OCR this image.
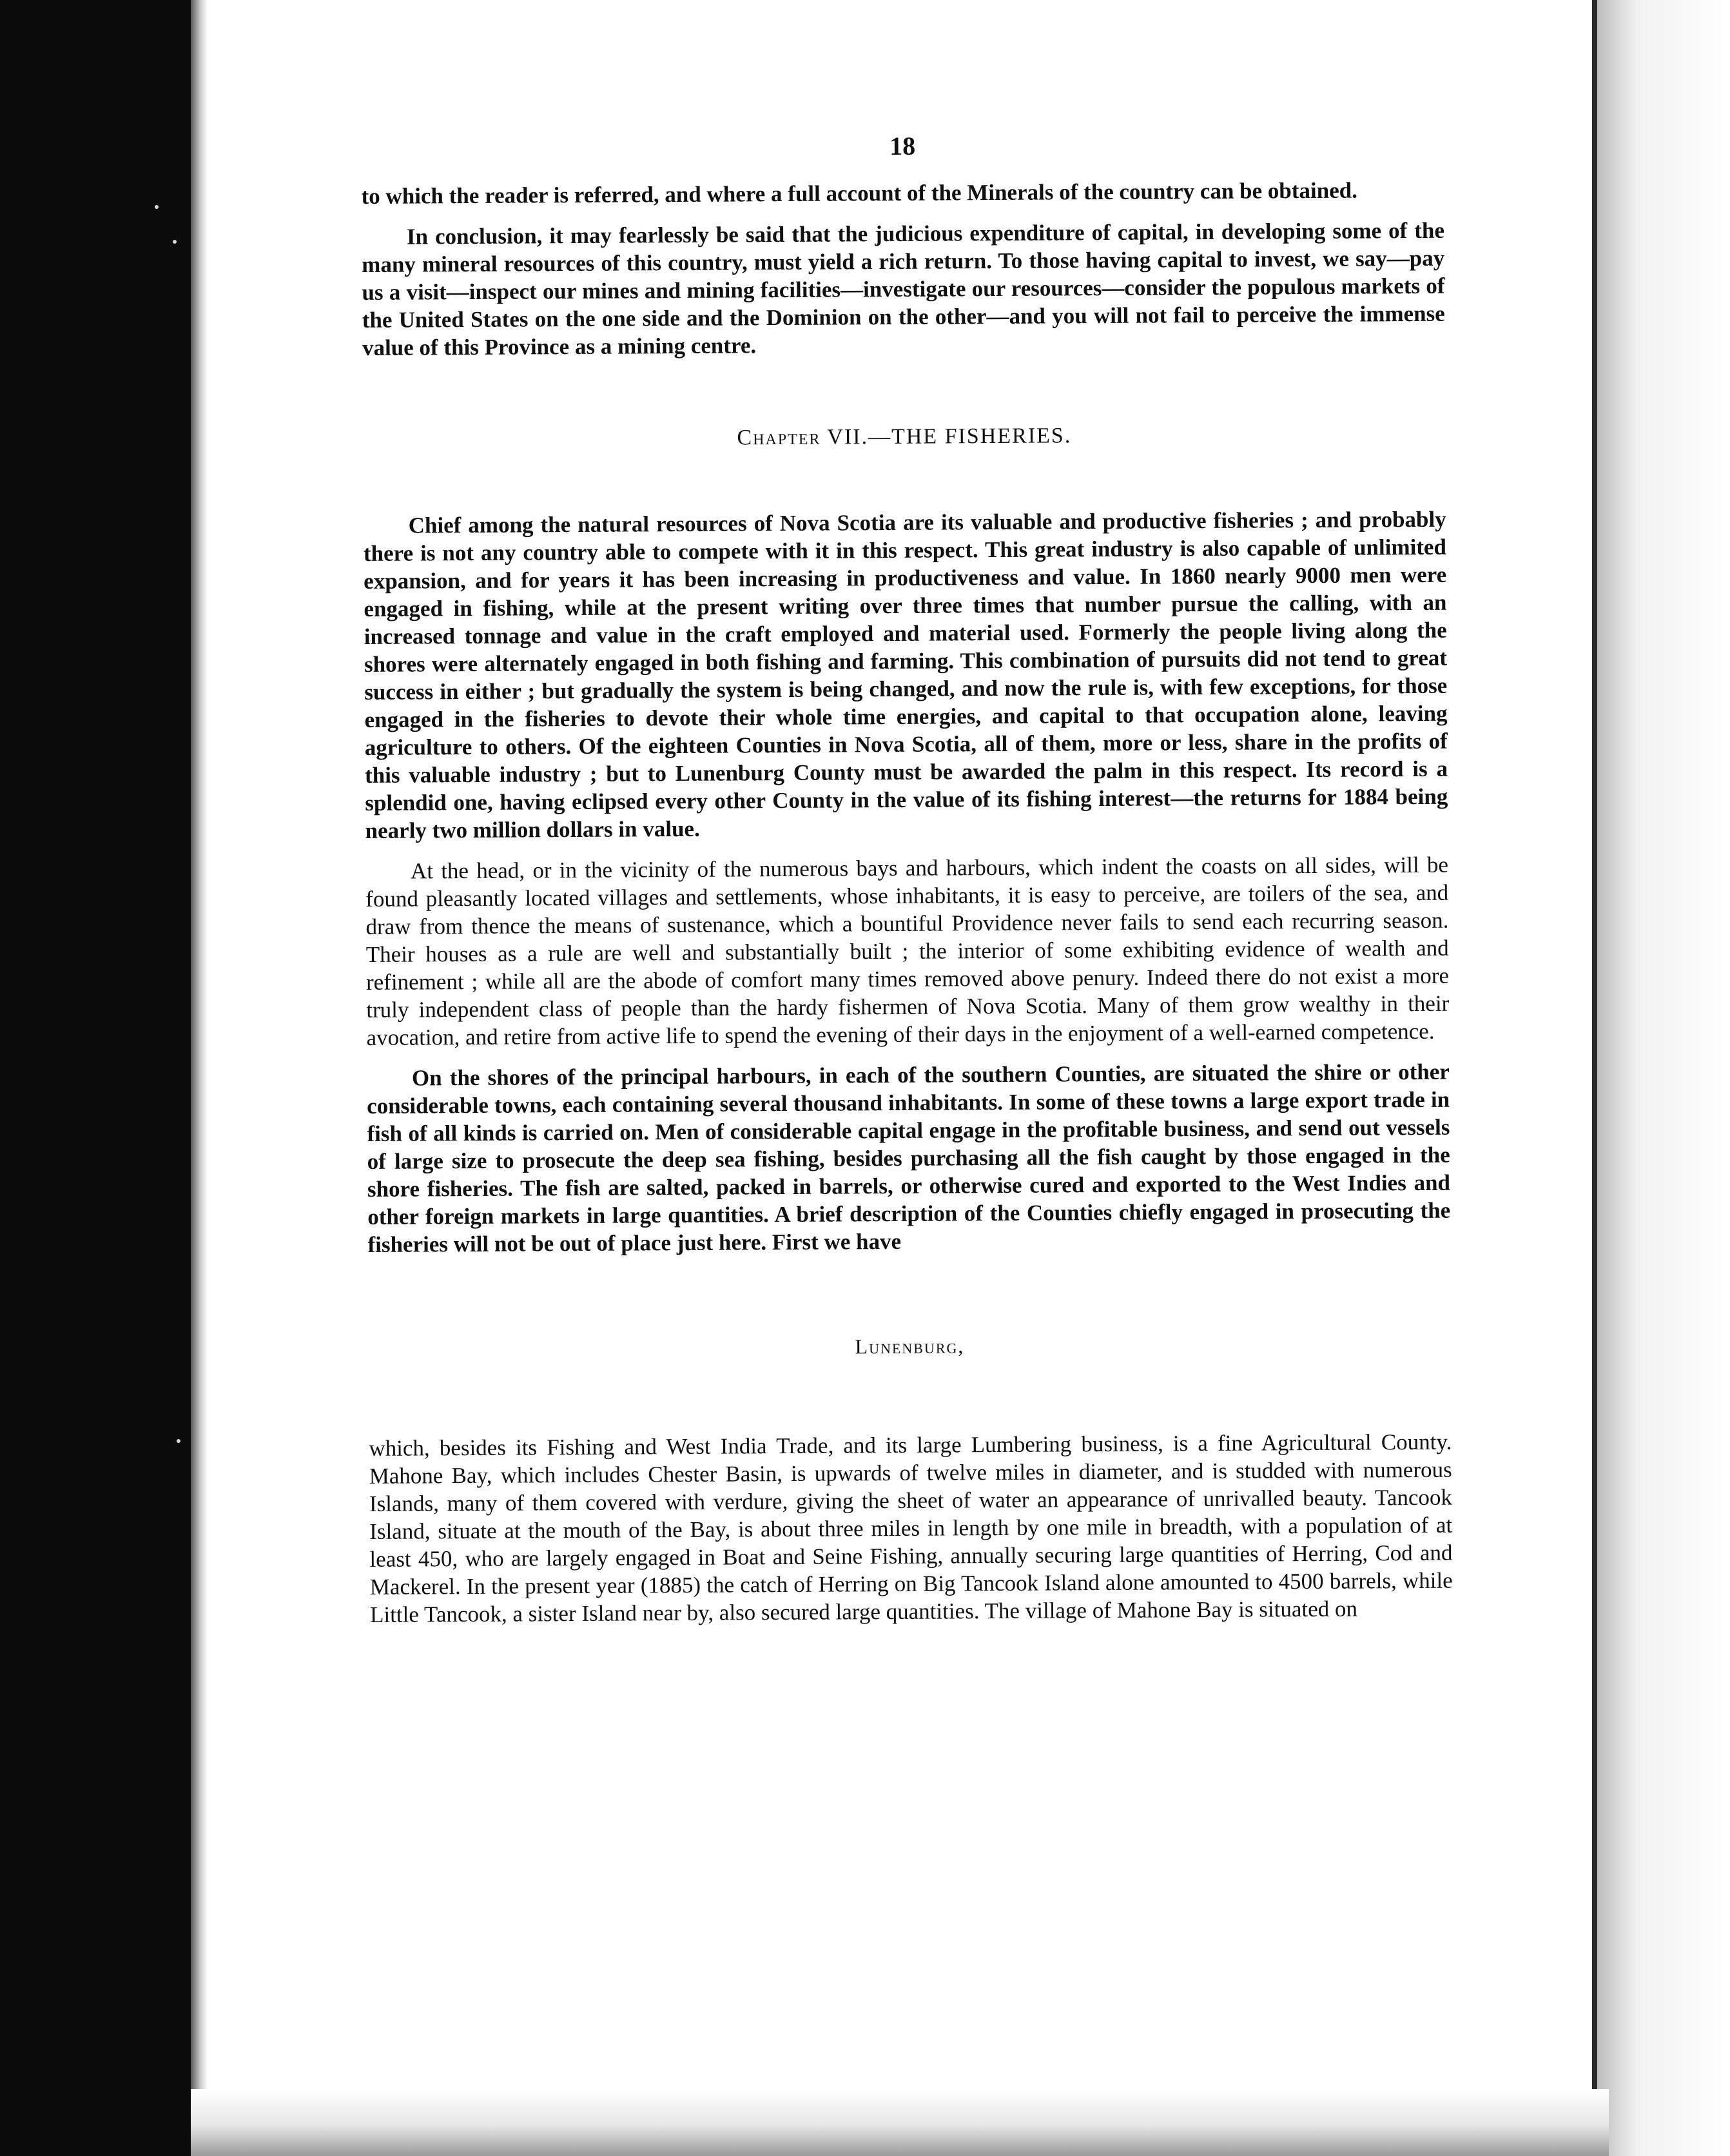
18

to which the reader is referred, and where a full account of the Minerals of the country can be obtained.

In conclusion, it may fearlessly be said that the judicious expenditure of capital, in developing some of the many mineral resources of this country, must yield a rich return. To those having capital to invest, we say—pay us a visit—inspect our mines and mining facilities—investigate our resources—consider the populous markets of the United States on the one side and the Dominion on the other—and you will not fail to perceive the immense value of this Province as a mining centre.

Chapter VII.—THE FISHERIES.

Chief among the natural resources of Nova Scotia are its valuable and productive fisheries ; and probably there is not any country able to compete with it in this respect. This great industry is also capable of unlimited expansion, and for years it has been increasing in productiveness and value. In 1860 nearly 9000 men were engaged in fishing, while at the present writing over three times that number pursue the calling, with an increased tonnage and value in the craft employed and material used. Formerly the people living along the shores were alternately engaged in both fishing and farming. This combination of pursuits did not tend to great success in either ; but gradually the system is being changed, and now the rule is, with few exceptions, for those engaged in the fisheries to devote their whole time energies, and capital to that occupation alone, leaving agriculture to others. Of the eighteen Counties in Nova Scotia, all of them, more or less, share in the profits of this valuable industry ; but to Lunenburg County must be awarded the palm in this respect. Its record is a splendid one, having eclipsed every other County in the value of its fishing interest—the returns for 1884 being nearly two million dollars in value.

At the head, or in the vicinity of the numerous bays and harbours, which indent the coasts on all sides, will be found pleasantly located villages and settlements, whose inhabitants, it is easy to perceive, are toilers of the sea, and draw from thence the means of sustenance, which a bountiful Providence never fails to send each recurring season. Their houses as a rule are well and substantially built ; the interior of some exhibiting evidence of wealth and refinement ; while all are the abode of comfort many times removed above penury. Indeed there do not exist a more truly independent class of people than the hardy fishermen of Nova Scotia. Many of them grow wealthy in their avocation, and retire from active life to spend the evening of their days in the enjoyment of a well-earned competence.

On the shores of the principal harbours, in each of the southern Counties, are situated the shire or other considerable towns, each containing several thousand inhabitants. In some of these towns a large export trade in fish of all kinds is carried on. Men of considerable capital engage in the profitable business, and send out vessels of large size to prosecute the deep sea fishing, besides purchasing all the fish caught by those engaged in the shore fisheries. The fish are salted, packed in barrels, or otherwise cured and exported to the West Indies and other foreign markets in large quantities. A brief description of the Counties chiefly engaged in prosecuting the fisheries will not be out of place just here. First we have

Lunenburg,

which, besides its Fishing and West India Trade, and its large Lumbering business, is a fine Agricultural County. Mahone Bay, which includes Chester Basin, is upwards of twelve miles in diameter, and is studded with numerous Islands, many of them covered with verdure, giving the sheet of water an appearance of unrivalled beauty. Tancook Island, situate at the mouth of the Bay, is about three miles in length by one mile in breadth, with a population of at least 450, who are largely engaged in Boat and Seine Fishing, annually securing large quantities of Herring, Cod and Mackerel. In the present year (1885) the catch of Herring on Big Tancook Island alone amounted to 4500 barrels, while Little Tancook, a sister Island near by, also secured large quantities. The village of Mahone Bay is situated on
